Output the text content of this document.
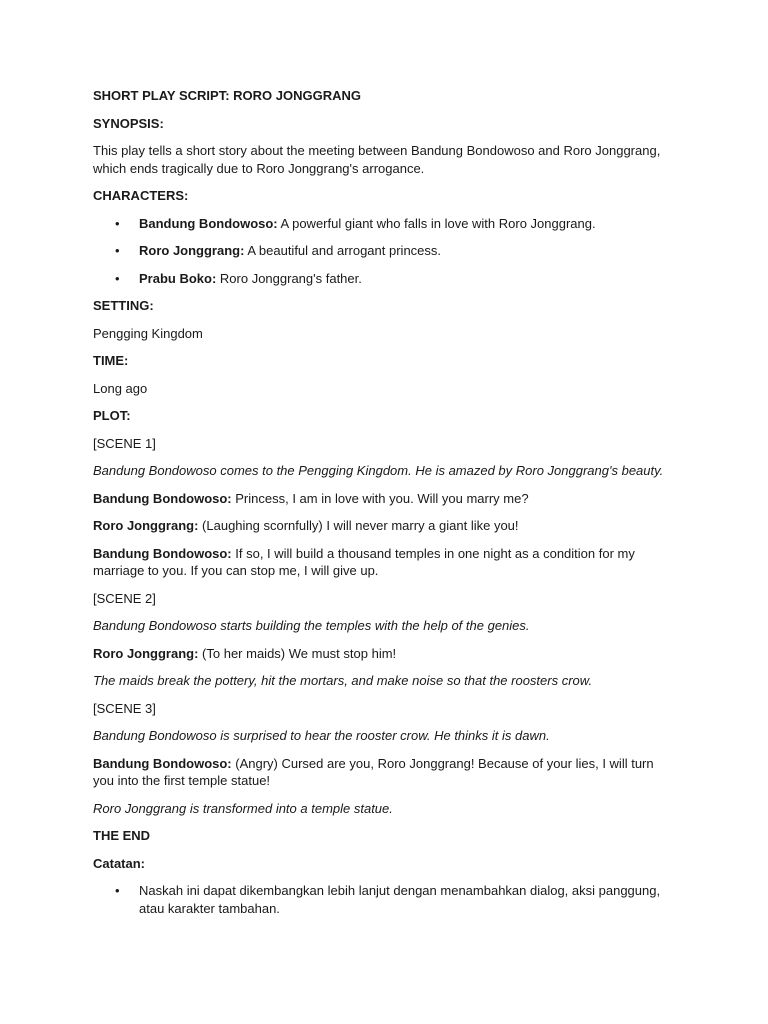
SHORT PLAY SCRIPT: RORO JONGGRANG

SYNOPSIS:

This play tells a short story about the meeting between Bandung Bondowoso and Roro Jonggrang, which ends tragically due to Roro Jonggrang's arrogance.

CHARACTERS:

• Bandung Bondowoso: A powerful giant who falls in love with Roro Jonggrang.
• Roro Jonggrang: A beautiful and arrogant princess.
• Prabu Boko: Roro Jonggrang's father.

SETTING:

Pengging Kingdom

TIME:

Long ago

PLOT:

[SCENE 1]

Bandung Bondowoso comes to the Pengging Kingdom. He is amazed by Roro Jonggrang's beauty.

Bandung Bondowoso: Princess, I am in love with you. Will you marry me?

Roro Jonggrang: (Laughing scornfully) I will never marry a giant like you!

Bandung Bondowoso: If so, I will build a thousand temples in one night as a condition for my marriage to you. If you can stop me, I will give up.

[SCENE 2]

Bandung Bondowoso starts building the temples with the help of the genies.

Roro Jonggrang: (To her maids) We must stop him!

The maids break the pottery, hit the mortars, and make noise so that the roosters crow.

[SCENE 3]

Bandung Bondowoso is surprised to hear the rooster crow. He thinks it is dawn.

Bandung Bondowoso: (Angry) Cursed are you, Roro Jonggrang! Because of your lies, I will turn you into the first temple statue!

Roro Jonggrang is transformed into a temple statue.

THE END

Catatan:

• Naskah ini dapat dikembangkan lebih lanjut dengan menambahkan dialog, aksi panggung, atau karakter tambahan.
